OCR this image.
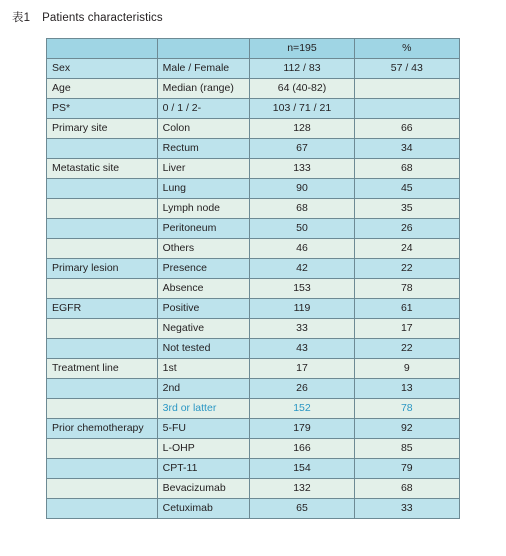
表1 Patients characteristics
		n=195	%
Sex	Male / Female	112 / 83	57 / 43
Age	Median (range)	64 (40-82)	
PS*	0 / 1 / 2-	103 / 71 / 21	
Primary site	Colon	128	66
	Rectum	67	34
Metastatic site	Liver	133	68
	Lung	90	45
	Lymph node	68	35
	Peritoneum	50	26
	Others	46	24
Primary lesion	Presence	42	22
	Absence	153	78
EGFR	Positive	119	61
	Negative	33	17
	Not tested	43	22
Treatment line	1st	17	9
	2nd	26	13
	3rd or latter	152	78
Prior chemotherapy	5-FU	179	92
	L-OHP	166	85
	CPT-11	154	79
	Bevacizumab	132	68
	Cetuximab	65	33
